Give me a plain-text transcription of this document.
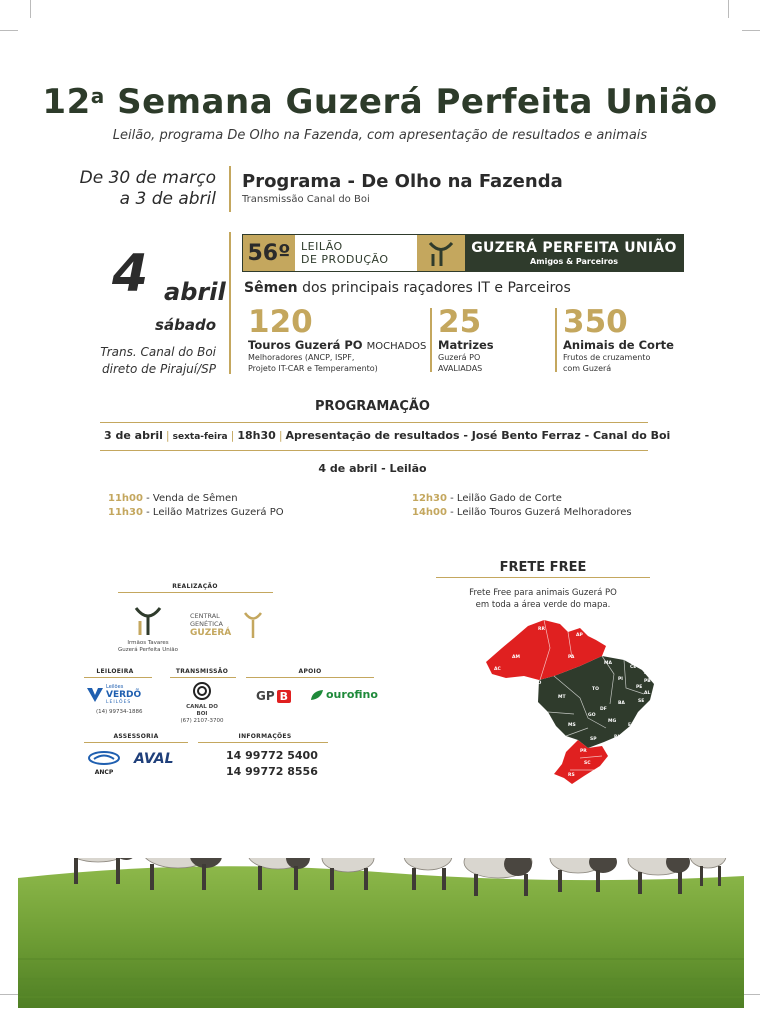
12$^a$ Semana Guzerá Perfeita União
Leilão, programa De Olho na Fazenda, com apresentação de resultados e animais
De 30 de março
a 3 de abril
Programa - De Olho na Fazenda
Transmissão Canal do Boi
4 abril
sábado
Trans. Canal do Boi
direto de Pirajuí/SP
56º LEILÃO
DE PRODUÇÃO
GUZERÁ PERFEITA UNIÃO
Amigos & Parceiros
Sêmen dos principais raçadores IT e Parceiros
120
Touros Guzerá PO MOCHADOS
Melhoradores (ANCP, ISPF,
Projeto IT-CAR e Temperamento)
25
Matrizes
Guzerá PO
AVALIADAS
350
Animais de Corte
Frutos de cruzamento
com Guzerá
PROGRAMAÇÃO
3 de abril | sexta-feira | 18h30 | Apresentação de resultados - José Bento Ferraz - Canal do Boi
4 de abril - Leilão
11h00 - Venda de Sêmen
11h30 - Leilão Matrizes Guzerá PO
12h30 - Leilão Gado de Corte
14h00 - Leilão Touros Guzerá Melhoradores
REALIZAÇÃO
Irmãos Tavares
Guzerá Perfeita União
CENTRAL
GENÉTICA
GUZERÁ
LEILOEIRA
Leilões
VERDÕ
LEILÕES
(14) 99734-1886
TRANSMISSÃO
CANAL DO BOI
(67) 2107-3700
APOIO
GP B	ourofino
ASSESSORIA
ANCP
AVAL
INFORMAÇÕES
14 99772 5400
14 99772 8556
FRETE FREE
Frete Free para animais Guzerá PO
em toda a área verde do mapa.
RR
AP
AM	PA
MA
CE
RN
PB
PE
AL
SE
AC
RO
TO
PI
BA
MT
GO
DF
MG
ES
MS
SP	RJ
PR
SC
RS
